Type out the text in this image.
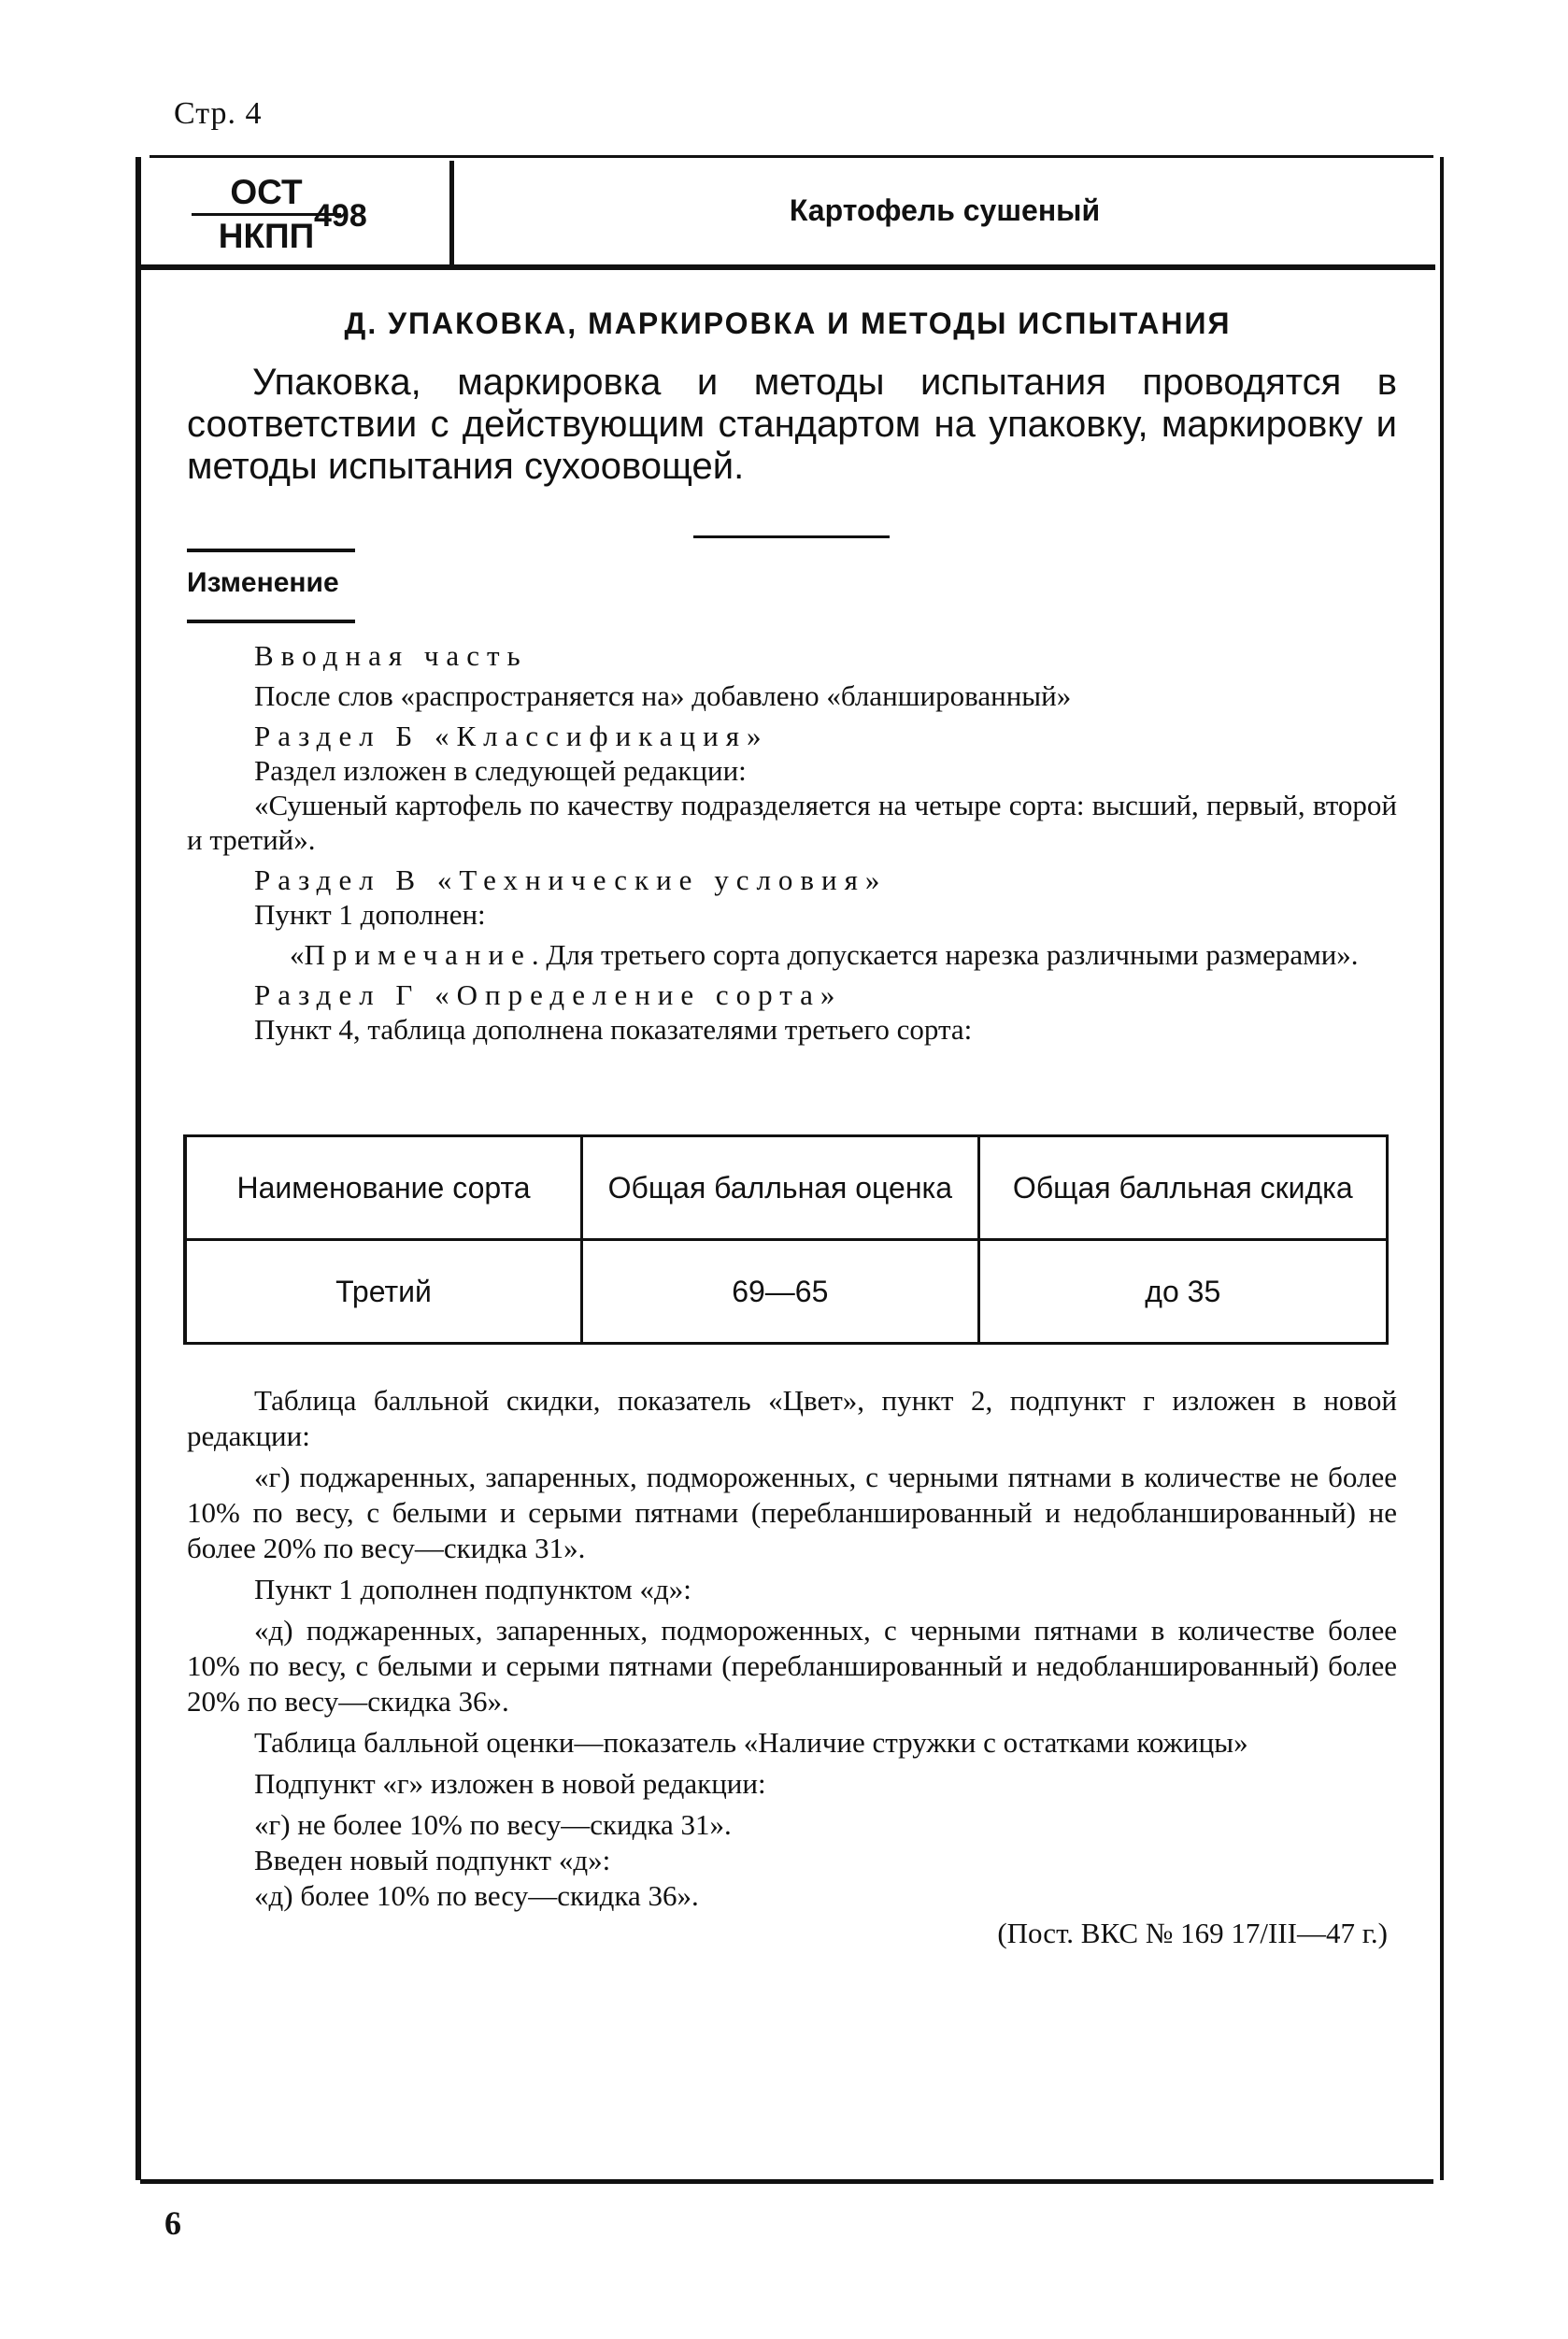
Стр. 4
ОСТ
НКПП
498	Картофель сушеный
Д. УПАКОВКА, МАРКИРОВКА И МЕТОДЫ ИСПЫТАНИЯ

Упаковка, маркировка и методы испытания проводятся в соответствии с действующим стандартом на упаковку, маркировку и методы испытания сухоовощей.

Изменение
Вводная часть
После слов «распространяется на» добавлено «бланшированный»
Раздел Б «Классификация»
Раздел изложен в следующей редакции:
«Сушеный картофель по качеству подразделяется на четыре сорта: высший, первый, второй и третий».
Раздел В «Технические условия»
Пункт 1 дополнен:
«Примечание. Для третьего сорта допускается нарезка различными размерами».
Раздел Г «Определение сорта»
Пункт 4, таблица дополнена показателями третьего сорта:
Наименование сорта	Общая балльная оценка	Общая балльная скидка
Третий	69—65	до 35
Таблица балльной скидки, показатель «Цвет», пункт 2, подпункт г изложен в новой редакции:
«г) поджаренных, запаренных, подмороженных, с черными пятнами в количестве не более 10% по весу, с белыми и серыми пятнами (перебланшированный и недобланшированный) не более 20% по весу—скидка 31».
Пункт 1 дополнен подпунктом «д»:
«д) поджаренных, запаренных, подмороженных, с черными пятнами в количестве более 10% по весу, с белыми и серыми пятнами (перебланшированный и недобланшированный) более 20% по весу—скидка 36».
Таблица балльной оценки—показатель «Наличие стружки с остатками кожицы»
Подпункт «г» изложен в новой редакции:
«г) не более 10% по весу—скидка 31».
Введен новый подпункт «д»:
«д) более 10% по весу—скидка 36».
(Пост. ВКС № 169 17/III—47 г.)
6
